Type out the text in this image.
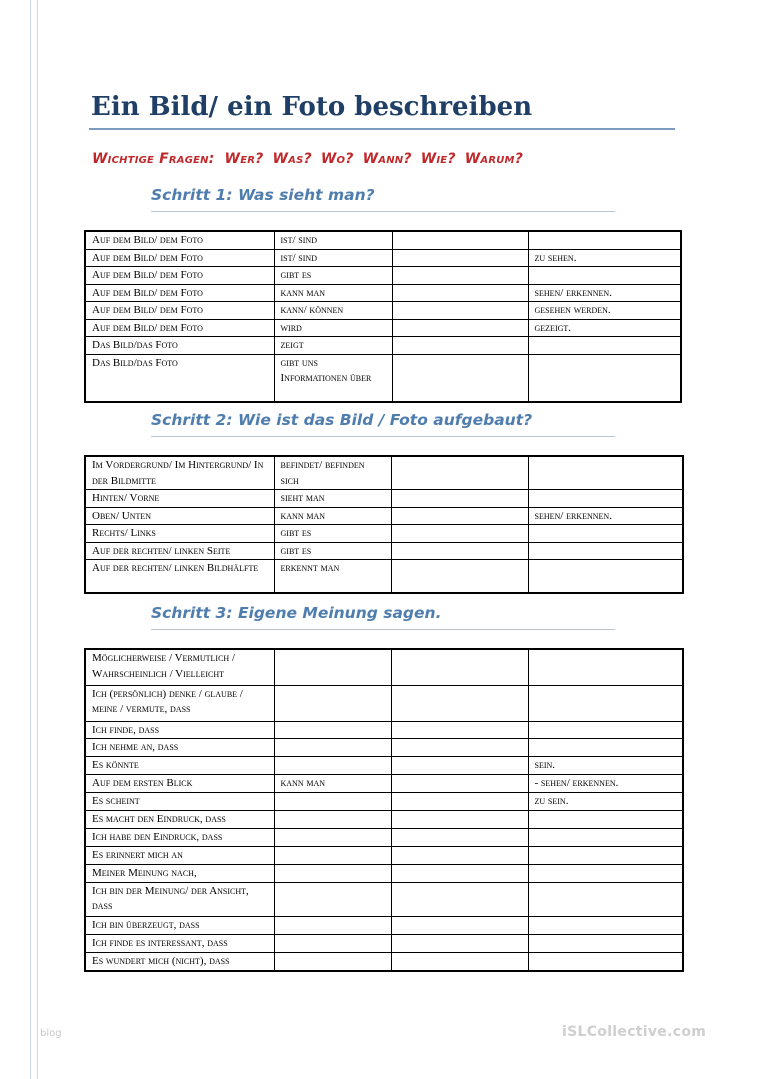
Ein Bild/ ein Foto beschreiben

Wichtige Fragen: Wer? Was? Wo? Wann? Wie? Warum?

Schritt 1: Was sieht man?
Auf dem Bild/ dem Foto	ist/ sind		
Auf dem Bild/ dem Foto	ist/ sind		zu sehen.
Auf dem Bild/ dem Foto	gibt es		
Auf dem Bild/ dem Foto	kann man		sehen/ erkennen.
Auf dem Bild/ dem Foto	kann/ können		gesehen werden.
Auf dem Bild/ dem Foto	wird		gezeigt.
Das Bild/das Foto	zeigt		
Das Bild/das Foto	gibt uns Informationen über		
Schritt 2: Wie ist das Bild / Foto aufgebaut?
Im Vordergrund/ Im Hintergrund/ In der Bildmitte	befindet/ befinden sich		
Hinten/ Vorne	sieht man		
Oben/ Unten	kann man		sehen/ erkennen.
Rechts/ Links	gibt es		
Auf der rechten/ linken Seite	gibt es		
Auf der rechten/ linken Bildhälfte	erkennt man		
Schritt 3: Eigene Meinung sagen.
Möglicherweise / Vermutlich / Wahrscheinlich / Vielleicht			
Ich (persönlich) denke / glaube / meine / vermute, dass			
Ich finde, dass			
Ich nehme an, dass			
Es könnte			sein.
Auf dem ersten Blick	kann man		- sehen/ erkennen.
Es scheint			zu sein.
Es macht den Eindruck, dass			
Ich habe den Eindruck, dass			
Es erinnert mich an			
Meiner Meinung nach,			
Ich bin der Meinung/ der Ansicht, dass			
Ich bin überzeugt, dass			
Ich finde es interessant, dass			
Es wundert mich (nicht), dass			
blog	iSLCollective.com
